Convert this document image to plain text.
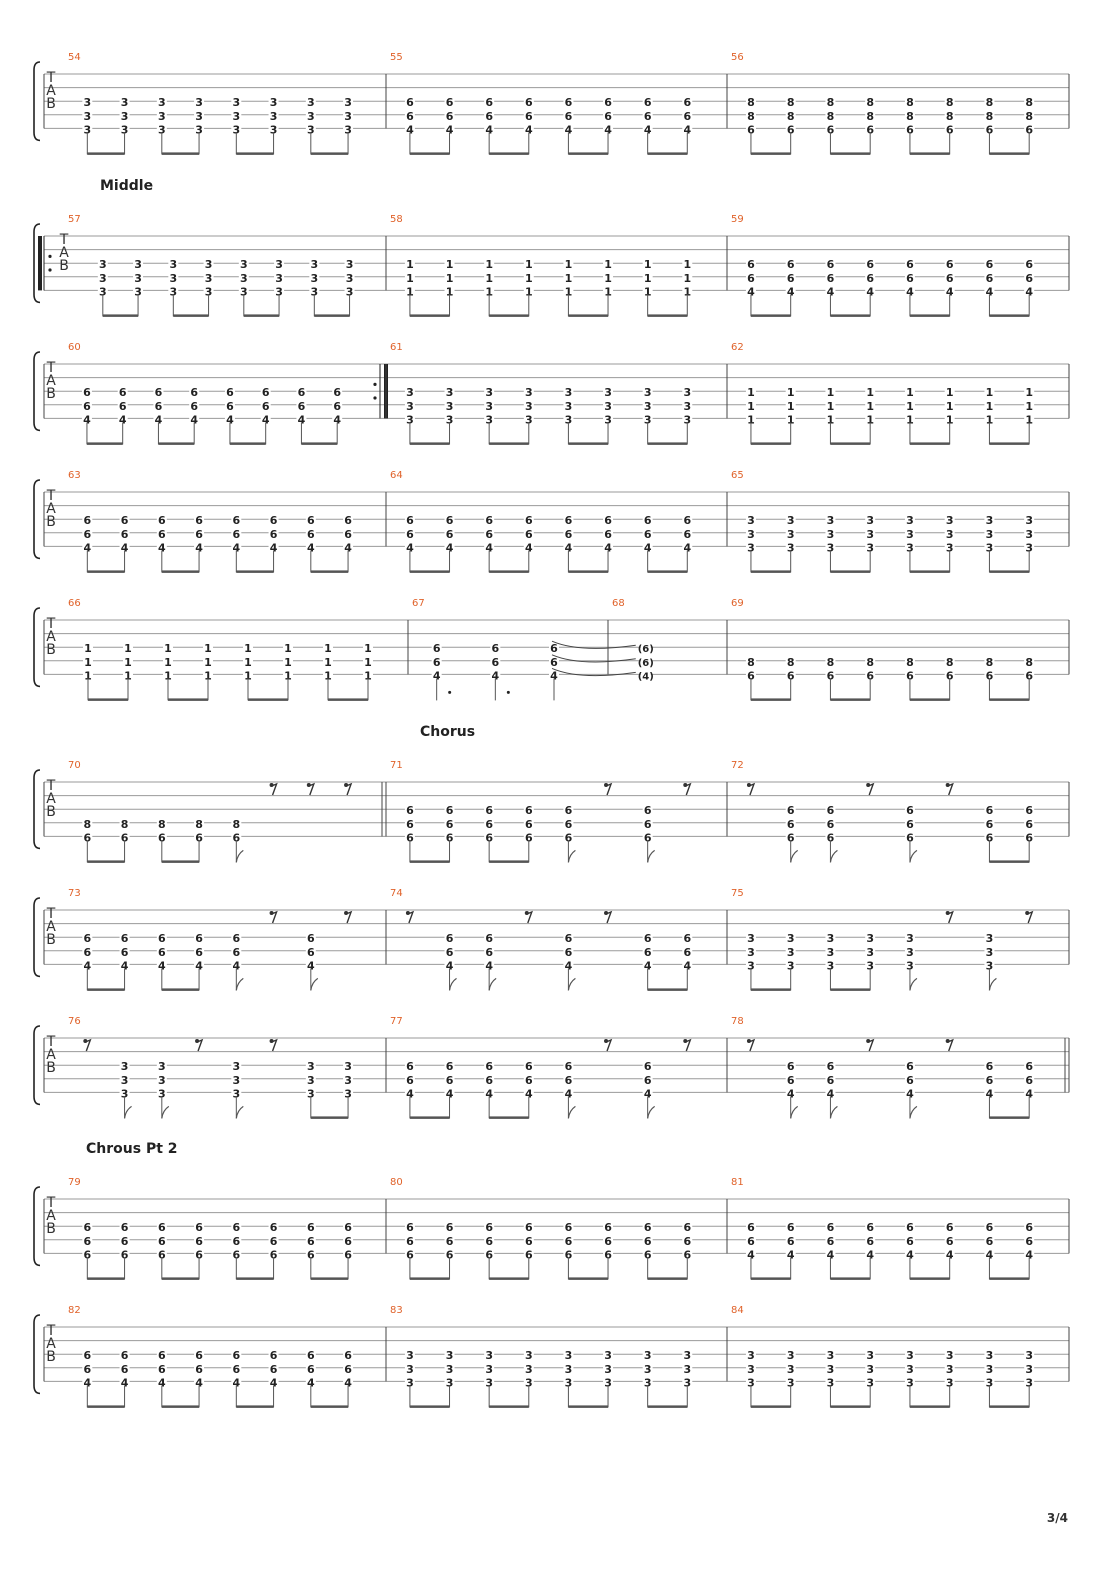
T
A
B
54
3
3
3
3
3
3
3
3
3
3
3
3
3
3
3
3
3
3
3
3
3
3
3
3
55
6
6
4
6
6
4
6
6
4
6
6
4
6
6
4
6
6
4
6
6
4
6
6
4
56
8
8
6
8
8
6
8
8
6
8
8
6
8
8
6
8
8
6
8
8
6
8
8
6
T
A
B
Middle
57
3
3
3
3
3
3
3
3
3
3
3
3
3
3
3
3
3
3
3
3
3
3
3
3
58
1
1
1
1
1
1
1
1
1
1
1
1
1
1
1
1
1
1
1
1
1
1
1
1
59
6
6
4
6
6
4
6
6
4
6
6
4
6
6
4
6
6
4
6
6
4
6
6
4
T
A
B
60
6
6
4
6
6
4
6
6
4
6
6
4
6
6
4
6
6
4
6
6
4
6
6
4
61
3
3
3
3
3
3
3
3
3
3
3
3
3
3
3
3
3
3
3
3
3
3
3
3
62
1
1
1
1
1
1
1
1
1
1
1
1
1
1
1
1
1
1
1
1
1
1
1
1
T
A
B
63
6
6
4
6
6
4
6
6
4
6
6
4
6
6
4
6
6
4
6
6
4
6
6
4
64
6
6
4
6
6
4
6
6
4
6
6
4
6
6
4
6
6
4
6
6
4
6
6
4
65
3
3
3
3
3
3
3
3
3
3
3
3
3
3
3
3
3
3
3
3
3
3
3
3
T
A
B
66
1
1
1
1
1
1
1
1
1
1
1
1
1
1
1
1
1
1
1
1
1
1
1
1
67
6
6
4
6
6
4
6
6
4
68
(6)
(6)
(4)
69
8
6
8
6
8
6
8
6
8
6
8
6
8
6
8
6
T
A
B
Chorus
70
8
6
8
6
8
6
8
6
8
6
71
6
6
6
6
6
6
6
6
6
6
6
6
6
6
6
6
6
6
72
6
6
6
6
6
6
6
6
6
6
6
6
6
6
6
T
A
B
73
6
6
4
6
6
4
6
6
4
6
6
4
6
6
4
6
6
4
74
6
6
4
6
6
4
6
6
4
6
6
4
6
6
4
75
3
3
3
3
3
3
3
3
3
3
3
3
3
3
3
3
3
3
T
A
B
76
3
3
3
3
3
3
3
3
3
3
3
3
3
3
3
77
6
6
4
6
6
4
6
6
4
6
6
4
6
6
4
6
6
4
78
6
6
4
6
6
4
6
6
4
6
6
4
6
6
4
T
A
B
Chrous Pt 2
79
6
6
6
6
6
6
6
6
6
6
6
6
6
6
6
6
6
6
6
6
6
6
6
6
80
6
6
6
6
6
6
6
6
6
6
6
6
6
6
6
6
6
6
6
6
6
6
6
6
81
6
6
4
6
6
4
6
6
4
6
6
4
6
6
4
6
6
4
6
6
4
6
6
4
T
A
B
82
6
6
4
6
6
4
6
6
4
6
6
4
6
6
4
6
6
4
6
6
4
6
6
4
83
3
3
3
3
3
3
3
3
3
3
3
3
3
3
3
3
3
3
3
3
3
3
3
3
84
3
3
3
3
3
3
3
3
3
3
3
3
3
3
3
3
3
3
3
3
3
3
3
3
3/4
